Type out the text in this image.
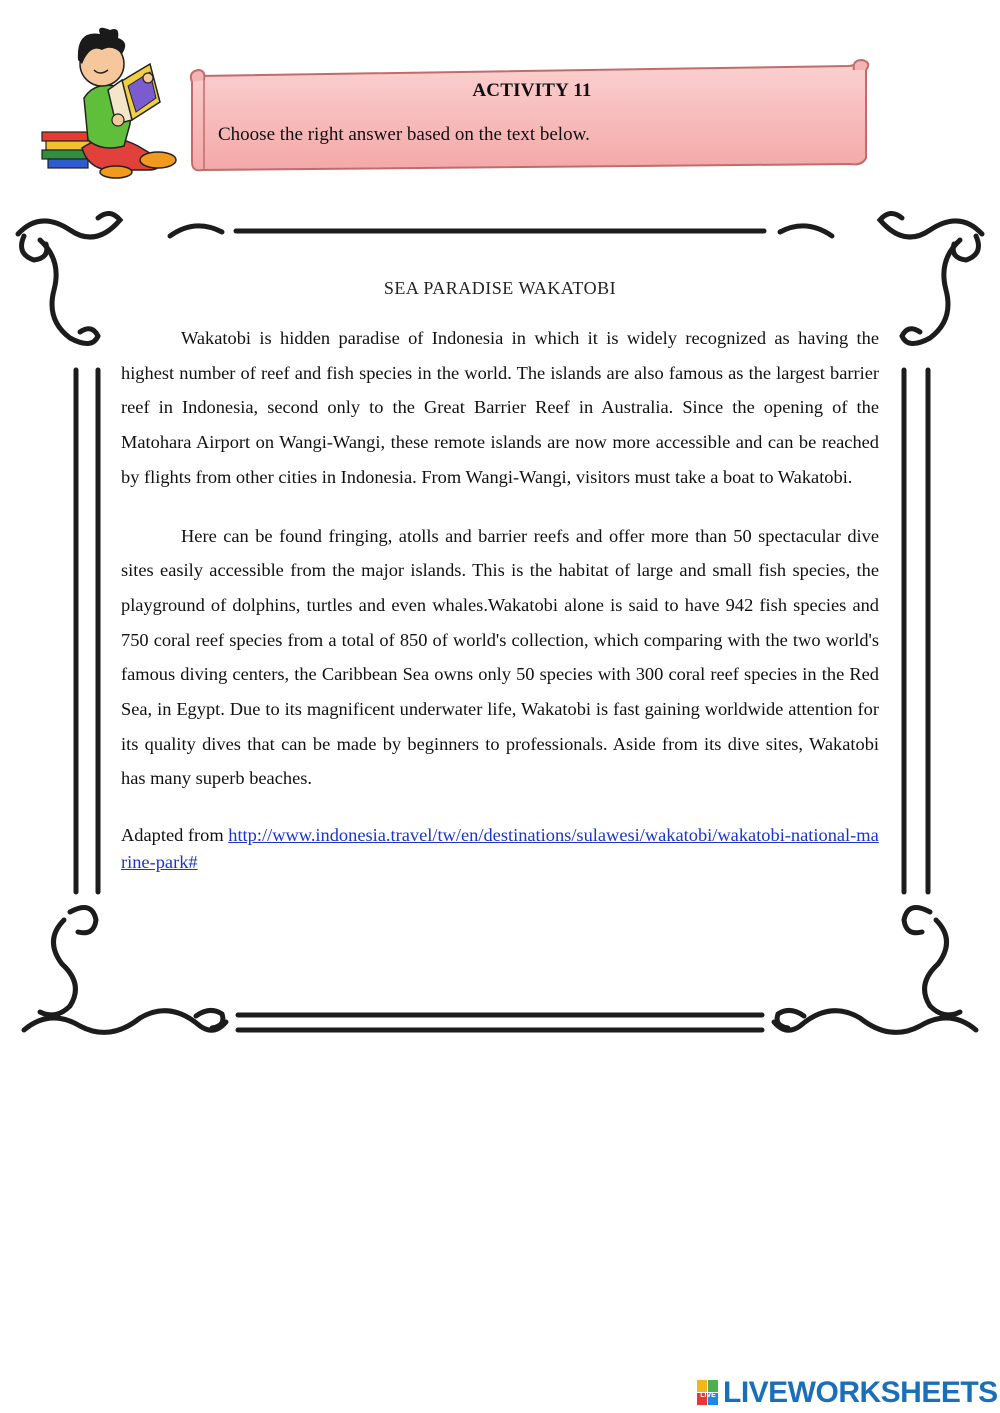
ACTIVITY 11
Choose the right answer based on the text below.
SEA PARADISE WAKATOBI

Wakatobi is hidden paradise of Indonesia in which it is widely recognized as having the highest number of reef and fish species in the world. The islands are also famous as the largest barrier reef in Indonesia, second only to the Great Barrier Reef in Australia. Since the opening of the Matohara Airport on Wangi-Wangi, these remote islands are now more accessible and can be reached by flights from other cities in Indonesia. From Wangi-Wangi, visitors must take a boat to Wakatobi.

Here can be found fringing, atolls and barrier reefs and offer more than 50 spectacular dive sites easily accessible from the major islands. This is the habitat of large and small fish species, the playground of dolphins, turtles and even whales.Wakatobi alone is said to have 942 fish species and 750 coral reef species from a total of 850 of world's collection, which comparing with the two world's famous diving centers, the Caribbean Sea owns only 50 species with 300 coral reef species in the Red Sea, in Egypt. Due to its magnificent underwater life, Wakatobi is fast gaining worldwide attention for its quality dives that can be made by beginners to professionals. Aside from its dive sites, Wakatobi has many superb beaches.

Adapted from http://www.indonesia.travel/tw/en/destinations/sulawesi/wakatobi/wakatobi-national-marine-park#
LIVE LIVEWORKSHEETS
